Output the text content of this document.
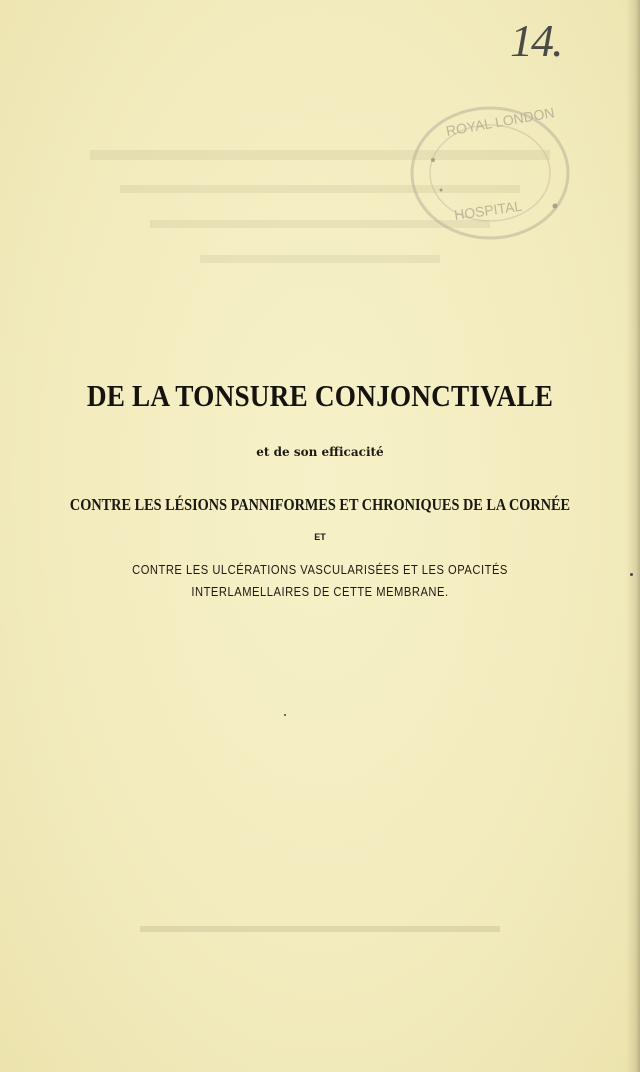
ROYAL LONDON
HOSPITAL
14.
DE LA TONSURE CONJONCTIVALE
et de son efficacité
CONTRE LES LÉSIONS PANNIFORMES ET CHRONIQUES DE LA CORNÉE
ET
CONTRE LES ULCÉRATIONS VASCULARISÉES ET LES OPACITÉS
INTERLAMELLAIRES DE CETTE MEMBRANE.
